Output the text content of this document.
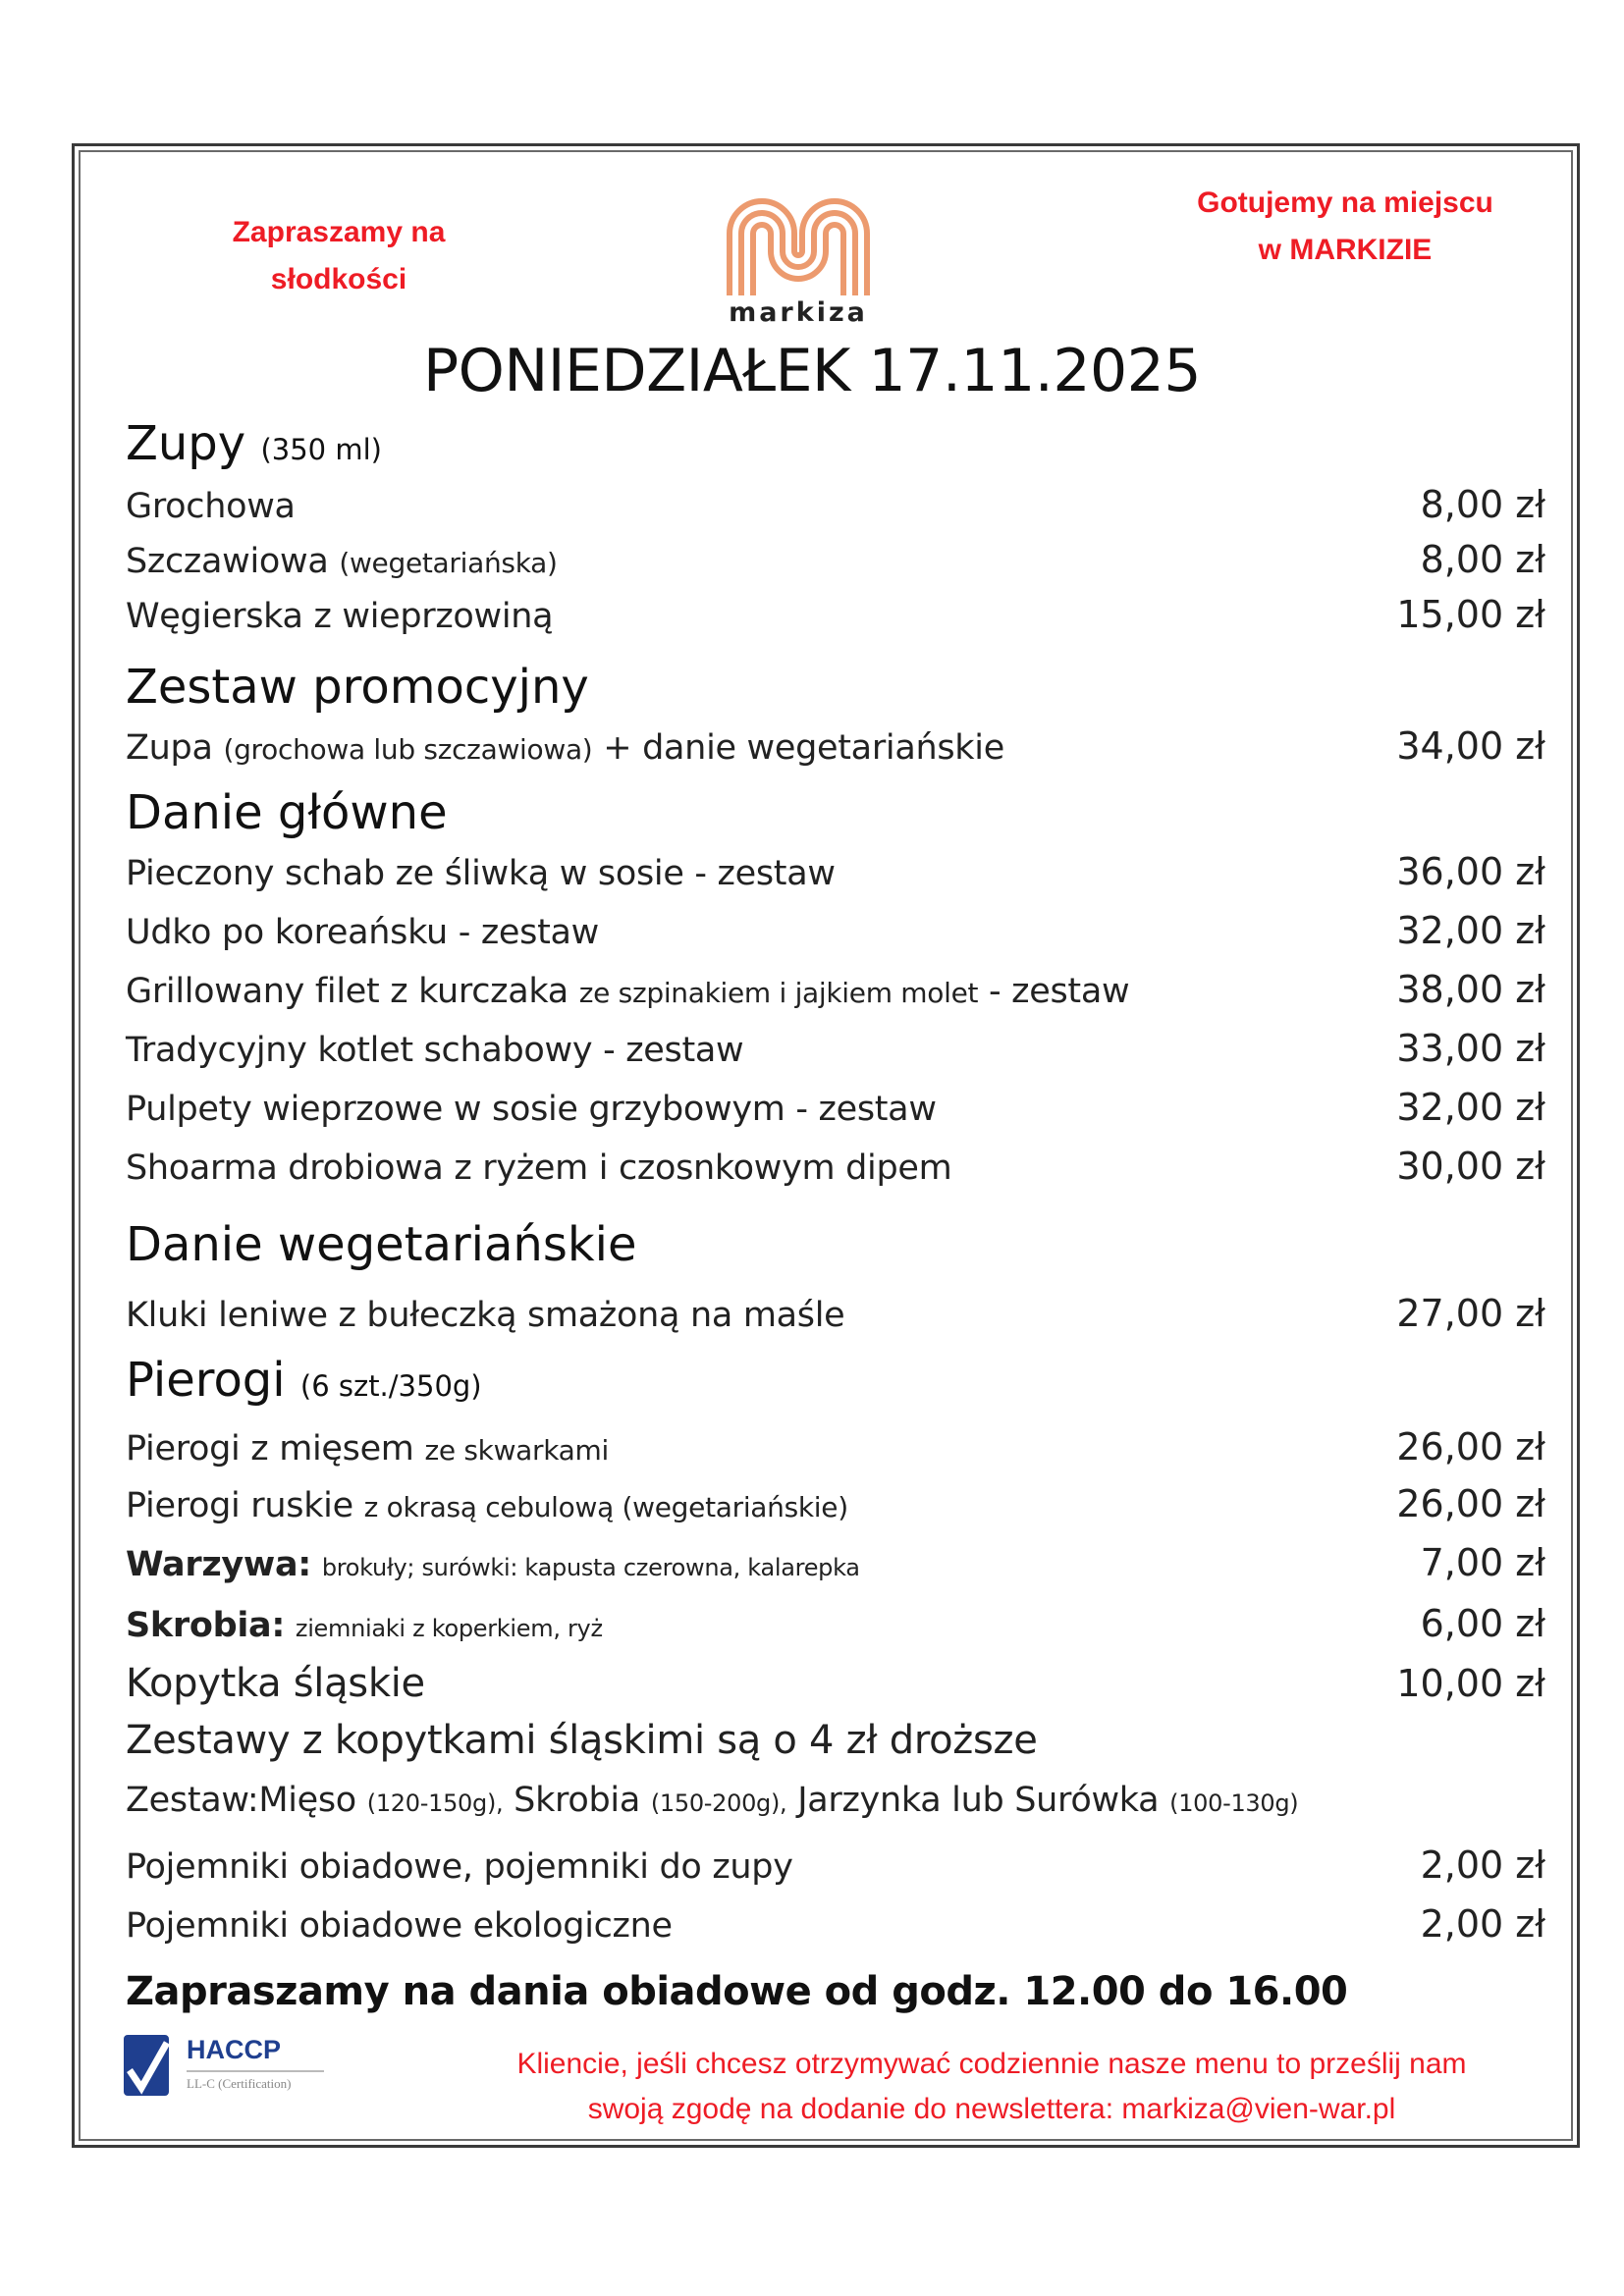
Zapraszamy na
słodkości
Gotujemy na miejscu
w MARKIZIE
markiza
PONIEDZIAŁEK 17.11.2025
Zupy (350 ml)
Grochowa	8,00 zł
Szczawiowa (wegetariańska)	8,00 zł
Węgierska z wieprzowiną	15,00 zł
Zestaw promocyjny
Zupa (grochowa lub szczawiowa) + danie wegetariańskie	34,00 zł
Danie główne
Pieczony schab ze śliwką w sosie - zestaw	36,00 zł
Udko po koreańsku - zestaw	32,00 zł
Grillowany filet z kurczaka ze szpinakiem i jajkiem molet - zestaw	38,00 zł
Tradycyjny kotlet schabowy - zestaw	33,00 zł
Pulpety wieprzowe w sosie grzybowym - zestaw	32,00 zł
Shoarma drobiowa z ryżem i czosnkowym dipem	30,00 zł
Danie wegetariańskie
Kluki leniwe z bułeczką smażoną na maśle	27,00 zł
Pierogi (6 szt./350g)
Pierogi z mięsem ze skwarkami	26,00 zł
Pierogi ruskie z okrasą cebulową (wegetariańskie)	26,00 zł
Warzywa: brokuły; surówki: kapusta czerowna, kalarepka	7,00 zł
Skrobia: ziemniaki z koperkiem, ryż	6,00 zł
Kopytka śląskie	10,00 zł
Zestawy z kopytkami śląskimi są o 4 zł droższe
Zestaw:Mięso (120-150g), Skrobia (150-200g), Jarzynka lub Surówka (100-130g)
Pojemniki obiadowe, pojemniki do zupy	2,00 zł
Pojemniki obiadowe ekologiczne	2,00 zł
Zapraszamy na dania obiadowe od godz. 12.00 do 16.00
HACCP
LL-C (Certification)
Kliencie, jeśli chcesz otrzymywać codziennie nasze menu to prześlij nam
swoją zgodę na dodanie do newslettera: markiza@vien-war.pl
